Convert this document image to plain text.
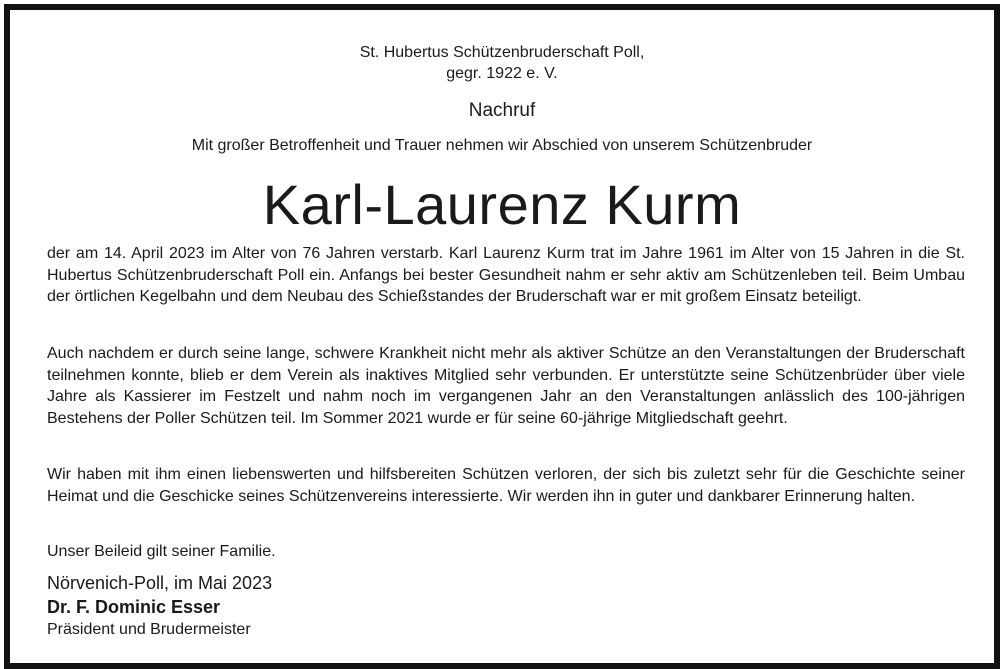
St. Hubertus Schützenbruderschaft Poll,
gegr. 1922 e. V.
Nachruf
Mit großer Betroffenheit und Trauer nehmen wir Abschied von unserem Schützenbruder
Karl-Laurenz Kurm

der am 14. April 2023 im Alter von 76 Jahren verstarb. Karl Laurenz Kurm trat im Jahre 1961 im Alter von 15 Jahren in die St. Hubertus Schützenbruderschaft Poll ein. Anfangs bei bester Gesundheit nahm er sehr aktiv am Schützenleben teil. Beim Umbau der örtlichen Kegelbahn und dem Neubau des Schießstandes der Bruderschaft war er mit großem Einsatz beteiligt.

Auch nachdem er durch seine lange, schwere Krankheit nicht mehr als aktiver Schütze an den Veranstaltungen der Bruderschaft teilnehmen konnte, blieb er dem Verein als inaktives Mitglied sehr verbunden. Er unterstützte seine Schützenbrüder über viele Jahre als Kassierer im Festzelt und nahm noch im vergangenen Jahr an den Veranstaltungen anlässlich des 100-jährigen Bestehens der Poller Schützen teil. Im Sommer 2021 wurde er für seine 60-jährige Mitgliedschaft geehrt.

Wir haben mit ihm einen liebenswerten und hilfsbereiten Schützen verloren, der sich bis zuletzt sehr für die Geschichte seiner Heimat und die Geschicke seines Schützenvereins interessierte. Wir werden ihn in guter und dankbarer Erinnerung halten.

Unser Beileid gilt seiner Familie.

Nörvenich-Poll, im Mai 2023
Dr. F. Dominic Esser
Präsident und Brudermeister
